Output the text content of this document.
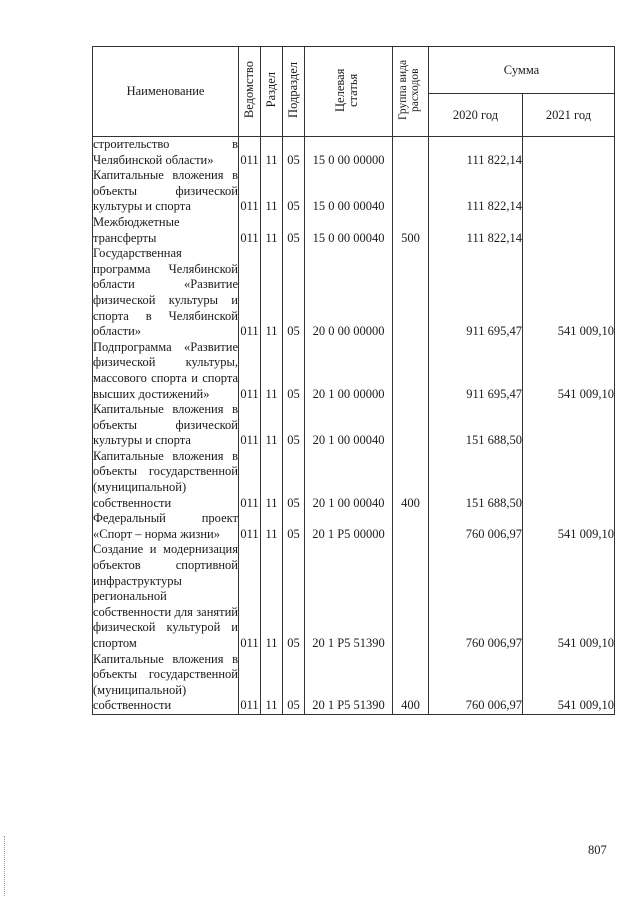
Наименование	Ведомство	Раздел	Подраздел	Целевая статья	Группа вида расходов	Сумма	
						2020 год	2021 год

строительство в Челябинской области»	011	11	05	15 0 00 00000		111 822,14	

Капитальные вложения в объекты физической культуры и спорта	011	11	05	15 0 00 00040		111 822,14	

Межбюджетные трансферты	011	11	05	15 0 00 00040	500	111 822,14	

Государственная программа Челябинской области «Развитие физической культуры и спорта в Челябинской области»	011	11	05	20 0 00 00000		911 695,47	541 009,10

Подпрограмма «Развитие физической культуры, массового спорта и спорта высших достижений»	011	11	05	20 1 00 00000		911 695,47	541 009,10

Капитальные вложения в объекты физической культуры и спорта	011	11	05	20 1 00 00040		151 688,50	

Капитальные вложения в объекты государственной (муниципальной) собственности	011	11	05	20 1 00 00040	400	151 688,50	

Федеральный проект «Спорт – норма жизни»	011	11	05	20 1 P5 00000		760 006,97	541 009,10

Создание и модернизация объектов спортивной инфраструктуры региональной собственности для занятий физической культурой и спортом	011	11	05	20 1 P5 51390		760 006,97	541 009,10

Капитальные вложения в объекты государственной (муниципальной) собственности	011	11	05	20 1 P5 51390	400	760 006,97	541 009,10
807
